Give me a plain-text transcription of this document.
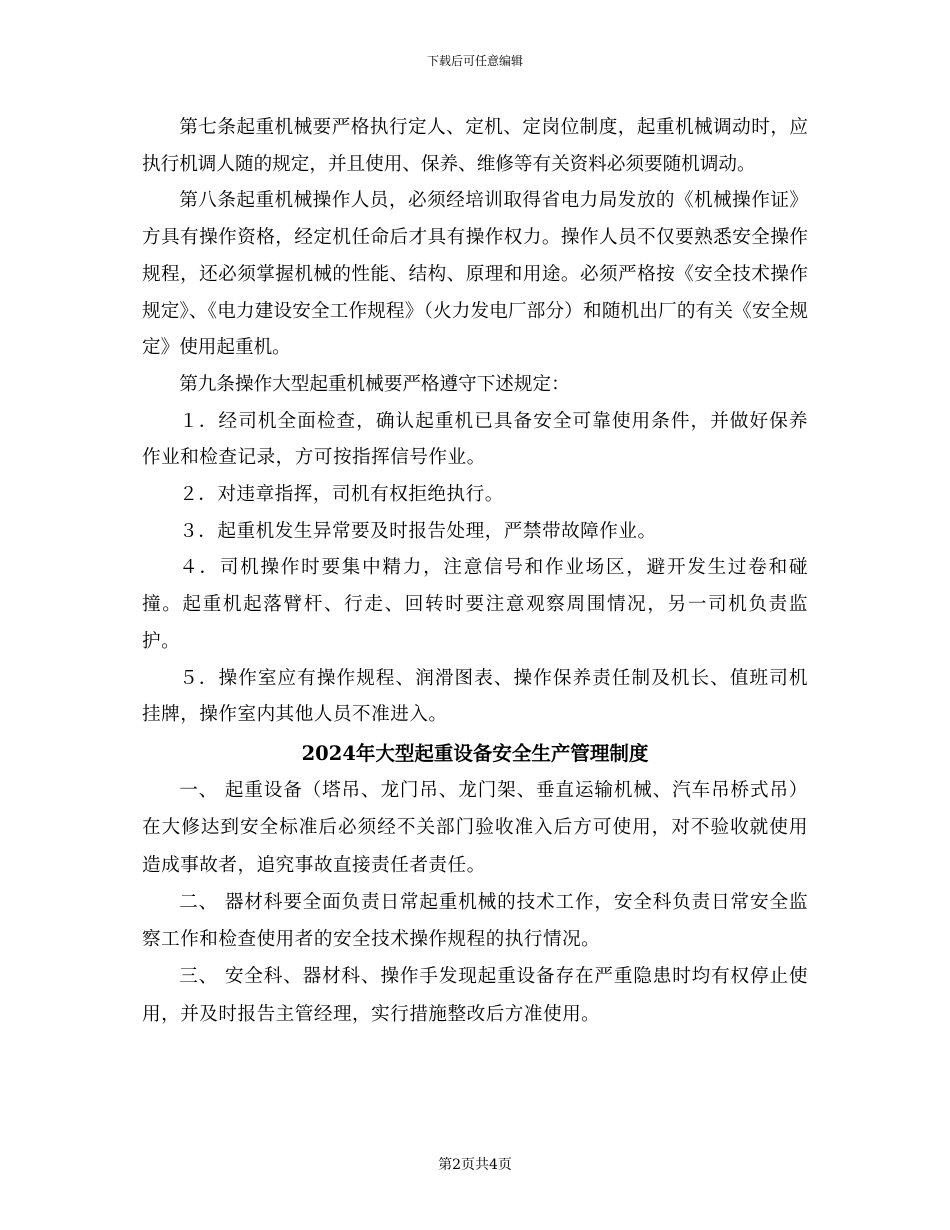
下载后可任意编辑

第七条起重机械要严格执行定人、定机、定岗位制度，起重机械调动时，应执行机调人随的规定，并且使用、保养、维修等有关资料必须要随机调动。

第八条起重机械操作人员，必须经培训取得省电力局发放的《机械操作证》方具有操作资格，经定机任命后才具有操作权力。操作人员不仅要熟悉安全操作规程，还必须掌握机械的性能、结构、原理和用途。必须严格按《安全技术操作规定》、《电力建设安全工作规程》（火力发电厂部分）和随机出厂的有关《安全规定》使用起重机。

第九条操作大型起重机械要严格遵守下述规定：

１．经司机全面检查，确认起重机已具备安全可靠使用条件，并做好保养作业和检查记录，方可按指挥信号作业。

２．对违章指挥，司机有权拒绝执行。

３．起重机发生异常要及时报告处理，严禁带故障作业。

４．司机操作时要集中精力，注意信号和作业场区，避开发生过卷和碰撞。起重机起落臂杆、行走、回转时要注意观察周围情况，另一司机负责监护。

５．操作室应有操作规程、润滑图表、操作保养责任制及机长、值班司机挂牌，操作室内其他人员不准进入。

2024年大型起重设备安全生产管理制度

一、 起重设备（塔吊、龙门吊、龙门架、垂直运输机械、汽车吊桥式吊）在大修达到安全标准后必须经不关部门验收准入后方可使用，对不验收就使用造成事故者，追究事故直接责任者责任。

二、 器材科要全面负责日常起重机械的技术工作，安全科负责日常安全监察工作和检查使用者的安全技术操作规程的执行情况。

三、 安全科、器材科、操作手发现起重设备存在严重隐患时均有权停止使用，并及时报告主管经理，实行措施整改后方准使用。

第2页共4页
